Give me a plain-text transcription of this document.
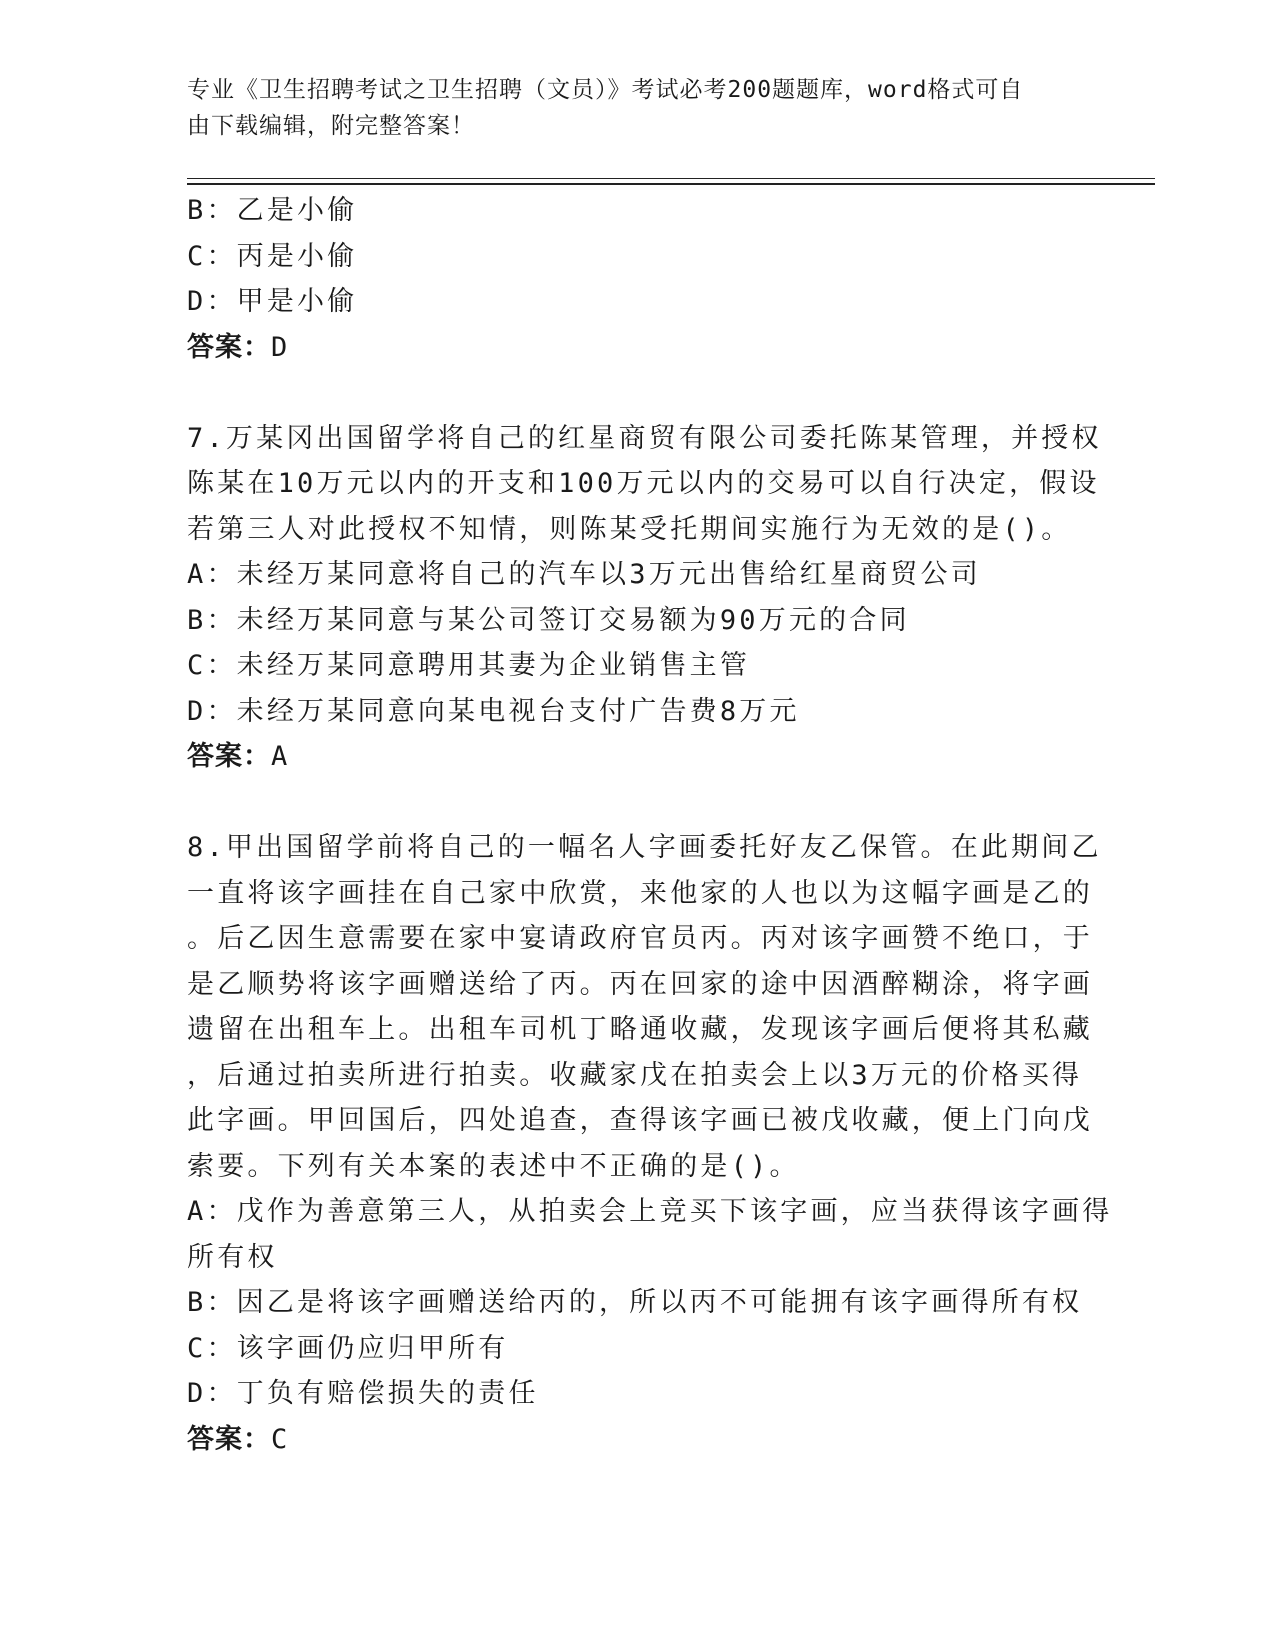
专业《卫生招聘考试之卫生招聘（文员）》考试必考200题题库，word格式可自
由下载编辑，附完整答案！
B：乙是小偷
C：丙是小偷
D：甲是小偷
答案：D
7.万某冈出国留学将自己的红星商贸有限公司委托陈某管理，并授权
陈某在10万元以内的开支和100万元以内的交易可以自行决定，假设
若第三人对此授权不知情，则陈某受托期间实施行为无效的是()。
A：未经万某同意将自己的汽车以3万元出售给红星商贸公司
B：未经万某同意与某公司签订交易额为90万元的合同
C：未经万某同意聘用其妻为企业销售主管
D：未经万某同意向某电视台支付广告费8万元
答案：A
8.甲出国留学前将自己的一幅名人字画委托好友乙保管。在此期间乙
一直将该字画挂在自己家中欣赏，来他家的人也以为这幅字画是乙的
。后乙因生意需要在家中宴请政府官员丙。丙对该字画赞不绝口，于
是乙顺势将该字画赠送给了丙。丙在回家的途中因酒醉糊涂，将字画
遗留在出租车上。出租车司机丁略通收藏，发现该字画后便将其私藏
，后通过拍卖所进行拍卖。收藏家戊在拍卖会上以3万元的价格买得
此字画。甲回国后，四处追查，查得该字画已被戊收藏，便上门向戊
索要。下列有关本案的表述中不正确的是()。
A：戊作为善意第三人，从拍卖会上竞买下该字画，应当获得该字画得
所有权
B：因乙是将该字画赠送给丙的，所以丙不可能拥有该字画得所有权
C：该字画仍应归甲所有
D：丁负有赔偿损失的责任
答案：C
